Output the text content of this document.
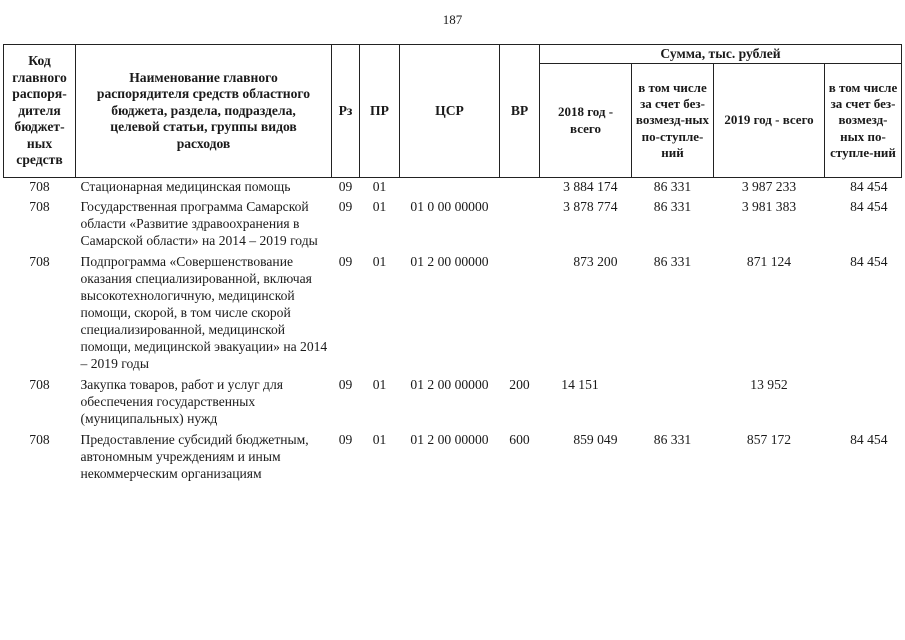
187
Код главного распоря-дителя бюджет-ных средств	Наименование главного распорядителя средств областного бюджета, раздела, подраздела, целевой статьи, группы видов расходов	Рз	ПР	ЦСР	ВР	Сумма, тыс. рублей			
						2018 год - всего	в том числе за счет без-возмезд-ных по-ступле-ний	2019 год - всего	в том числе за счет без-возмезд-ных по-ступле-ний
708	Стационарная медицинская помощь	09	01			3 884 174	86 331	3 987 233	84 454
708	Государственная программа Самарской области «Развитие здравоохранения в Самарской области» на 2014 – 2019 годы	09	01	01 0 00 00000		3 878 774	86 331	3 981 383	84 454
708	Подпрограмма «Совершенствование оказания специализированной, включая высокотехнологичную, медицинской помощи, скорой, в том числе скорой специализированной, медицинской помощи, медицинской эвакуации» на 2014 – 2019 годы	09	01	01 2 00 00000		873 200	86 331	871 124	84 454
708	Закупка товаров, работ и услуг для обеспечения государственных (муниципальных) нужд	09	01	01 2 00 00000	200	14 151		13 952	
708	Предоставление субсидий бюджетным, автономным учреждениям и иным некоммерческим организациям	09	01	01 2 00 00000	600	859 049	86 331	857 172	84 454
